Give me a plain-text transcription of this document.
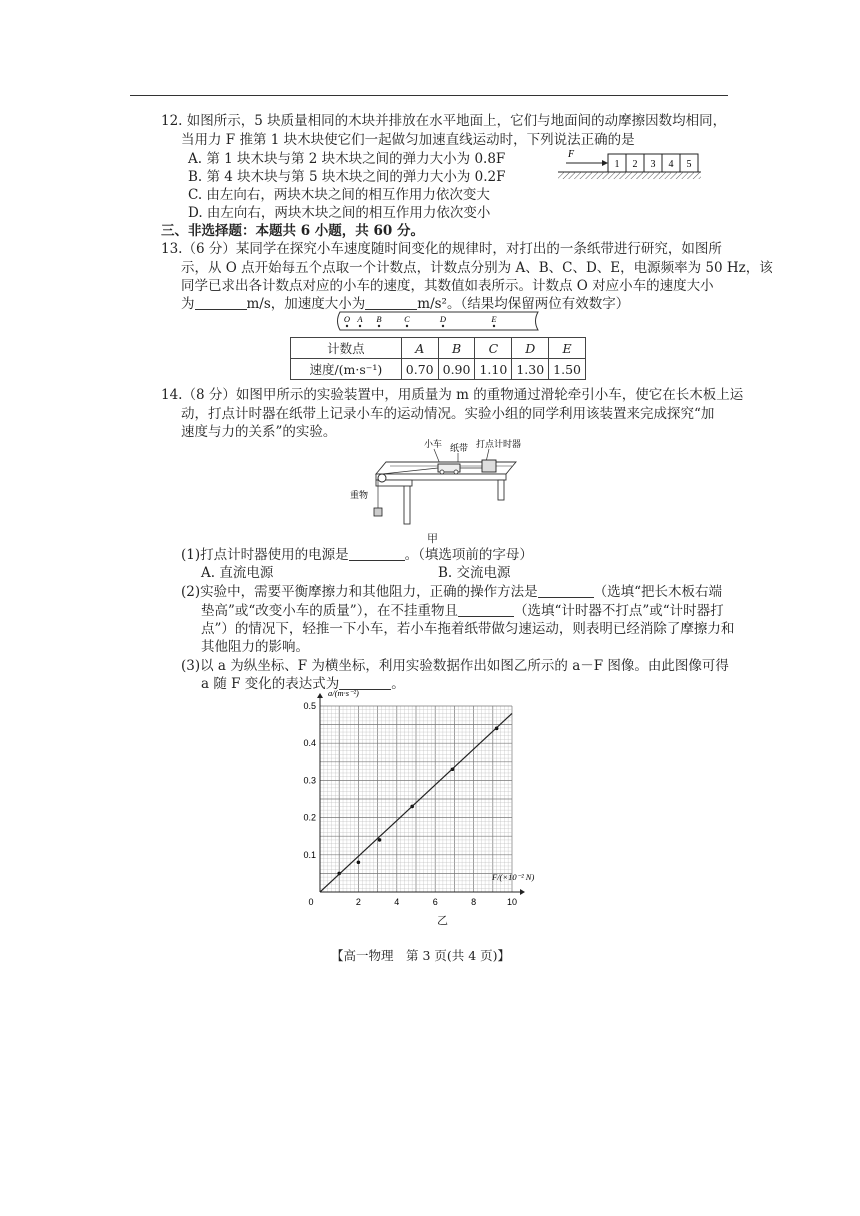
12. 如图所示，5 块质量相同的木块并排放在水平地面上，它们与地面间的动摩擦因数均相同，
当用力 F 推第 1 块木块使它们一起做匀加速直线运动时，下列说法正确的是
A. 第 1 块木块与第 2 块木块之间的弹力大小为 0.8F
B. 第 4 块木块与第 5 块木块之间的弹力大小为 0.2F
C. 由左向右，两块木块之间的相互作用力依次变大
D. 由左向右，两块木块之间的相互作用力依次变小
F
1 2 3 4 5
三、非选择题：本题共 6 小题，共 60 分。
13.（6 分）某同学在探究小车速度随时间变化的规律时，对打出的一条纸带进行研究，如图所
示，从 O 点开始每五个点取一个计数点，计数点分别为 A、B、C、D、E，电源频率为 50 Hz，该
同学已求出各计数点对应的小车的速度，其数值如表所示。计数点 O 对应小车的速度大小
为	m/s，加速度大小为	m/s²。（结果均保留两位有效数字）
O A B	C	D	E
计数点	A	B	C	D	E
速度/(m·s⁻¹)	0.70	0.90	1.10	1.30	1.50
14.（8 分）如图甲所示的实验装置中，用质量为 m 的重物通过滑轮牵引小车，使它在长木板上运
动，打点计时器在纸带上记录小车的运动情况。实验小组的同学利用该装置来完成探究“加
速度与力的关系”的实验。
小车 纸带 打点计时器
重物
甲
(1)打点计时器使用的电源是	。（填选项前的字母）
A. 直流电源	B. 交流电源
(2)实验中，需要平衡摩擦力和其他阻力，正确的操作方法是	（选填“把长木板右端
垫高”或“改变小车的质量”），在不挂重物且	（选填“计时器不打点”或“计时器打
点”）的情况下，轻推一下小车，若小车拖着纸带做匀速运动，则表明已经消除了摩擦力和
其他阻力的影响。
(3)以 a 为纵坐标、F 为横坐标，利用实验数据作出如图乙所示的 a－F 图像。由此图像可得
a 随 F 变化的表达式为	。
2	4	6	8	10
0.1
0.2
0.3
0.4
0.5
0
a/(m·s⁻²)
F/(×10⁻² N)
乙
【高一物理　第 3 页(共 4 页)】
